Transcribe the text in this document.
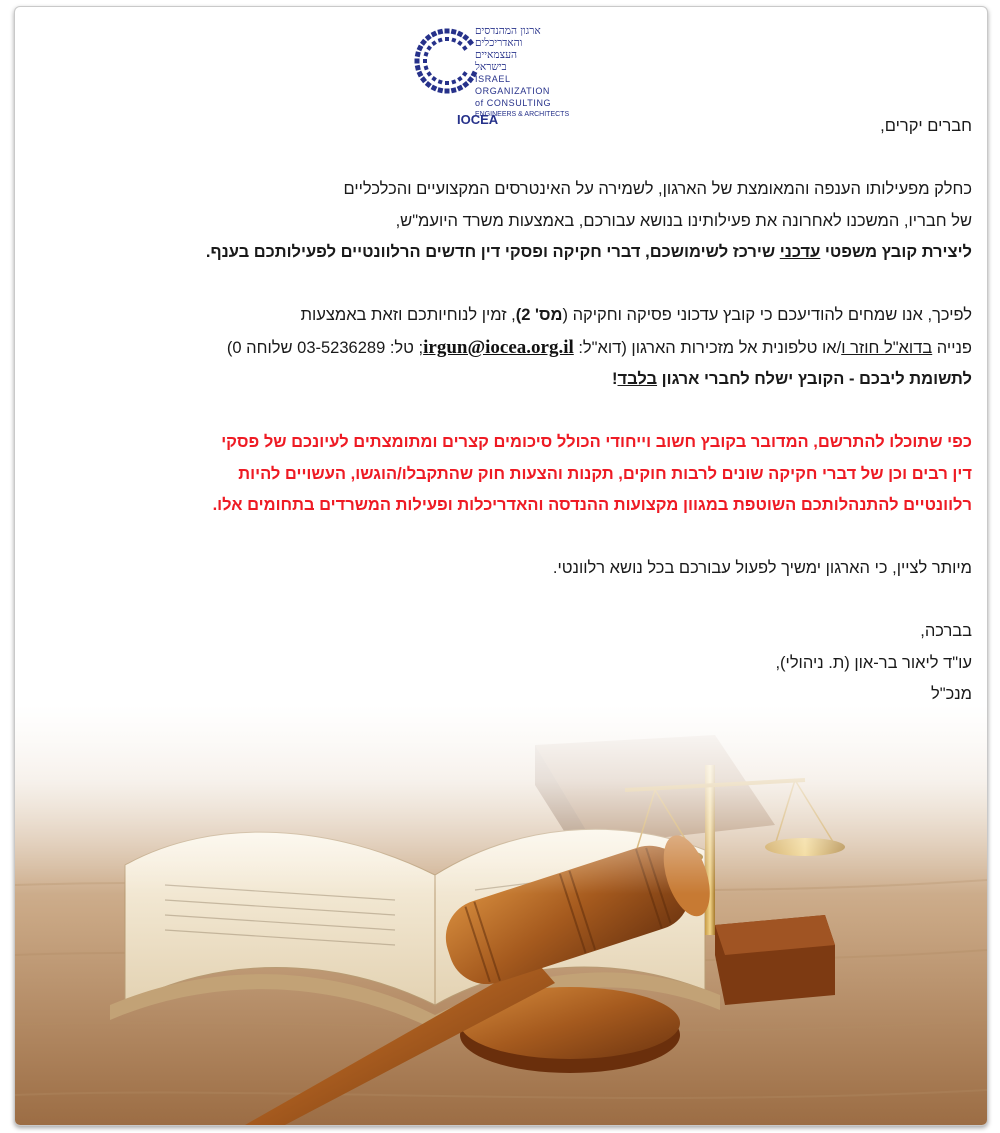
ארגון המהנדסים
והאדריכלים
העצמאיים
בישראל
ISRAEL
ORGANIZATION
of CONSULTING
ENGINEERS & ARCHITECTS
IOCEA	חברים יקרים,

כחלק מפעילותו הענפה והמאומצת של הארגון, לשמירה על האינטרסים המקצועיים והכלכליים

של חבריו, המשכנו לאחרונה את פעילותינו בנושא עבורכם, באמצעות משרד היועמ"ש,

ליצירת קובץ משפטי עדכני שירכז לשימושכם, דברי חקיקה ופסקי דין חדשים הרלוונטיים לפעילותכם בענף.

לפיכך, אנו שמחים להודיעכם כי קובץ עדכוני פסיקה וחקיקה (מס' 2), זמין לנוחיותכם וזאת באמצעות

פנייה בדוא"ל חוזר ו/או טלפונית אל מזכירות הארגון (דוא"ל: irgun@iocea.org.il; טל: 03-5236289 שלוחה 0)

לתשומת ליבכם - הקובץ ישלח לחברי ארגון בלבד!

כפי שתוכלו להתרשם, המדובר בקובץ חשוב וייחודי הכולל סיכומים קצרים ומתומצתים לעיונכם של פסקי

דין רבים וכן של דברי חקיקה שונים לרבות חוקים, תקנות והצעות חוק שהתקבלו/הוגשו, העשויים להיות

רלוונטיים להתנהלותכם השוטפת במגוון מקצועות ההנדסה והאדריכלות ופעילות המשרדים בתחומים אלו.

מיותר לציין, כי הארגון ימשיך לפעול עבורכם בכל נושא רלוונטי.

בברכה,

עו"ד ליאור בר-און (ת. ניהולי),

מנכ"ל
